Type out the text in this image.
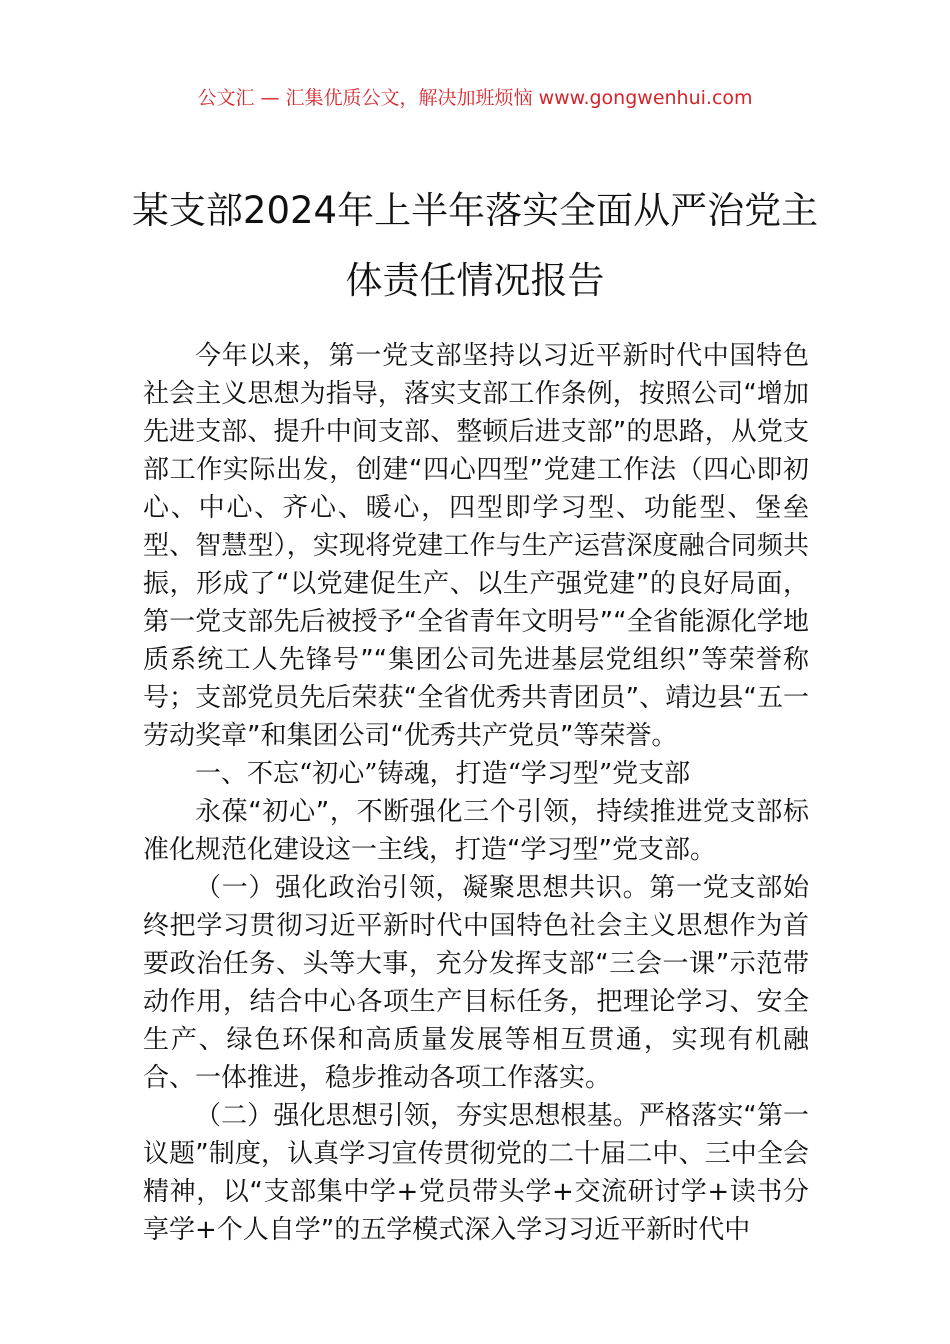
公文汇 — 汇集优质公文，解决加班烦恼 www.gongwenhui.com
某支部2024年上半年落实全面从严治党主体责任情况报告

今年以来，第一党支部坚持以习近平新时代中国特色社会主义思想为指导，落实支部工作条例，按照公司“增加先进支部、提升中间支部、整顿后进支部”的思路，从党支部工作实际出发，创建“四心四型”党建工作法（四心即初心、中心、齐心、暖心，四型即学习型、功能型、堡垒型、智慧型），实现将党建工作与生产运营深度融合同频共振，形成了“以党建促生产、以生产强党建”的良好局面，第一党支部先后被授予“全省青年文明号”“全省能源化学地质系统工人先锋号”“集团公司先进基层党组织”等荣誉称号；支部党员先后荣获“全省优秀共青团员”、靖边县“五一劳动奖章”和集团公司“优秀共产党员”等荣誉。

一、不忘“初心”铸魂，打造“学习型”党支部

永葆“初心”，不断强化三个引领，持续推进党支部标准化规范化建设这一主线，打造“学习型”党支部。

（一）强化政治引领，凝聚思想共识。第一党支部始终把学习贯彻习近平新时代中国特色社会主义思想作为首要政治任务、头等大事，充分发挥支部“三会一课”示范带动作用，结合中心各项生产目标任务，把理论学习、安全生产、绿色环保和高质量发展等相互贯通，实现有机融合、一体推进，稳步推动各项工作落实。

（二）强化思想引领，夯实思想根基。严格落实“第一议题”制度，认真学习宣传贯彻党的二十届二中、三中全会精神，以“支部集中学+党员带头学+交流研讨学+读书分享学+个人自学”的五学模式深入学习习近平新时代中
